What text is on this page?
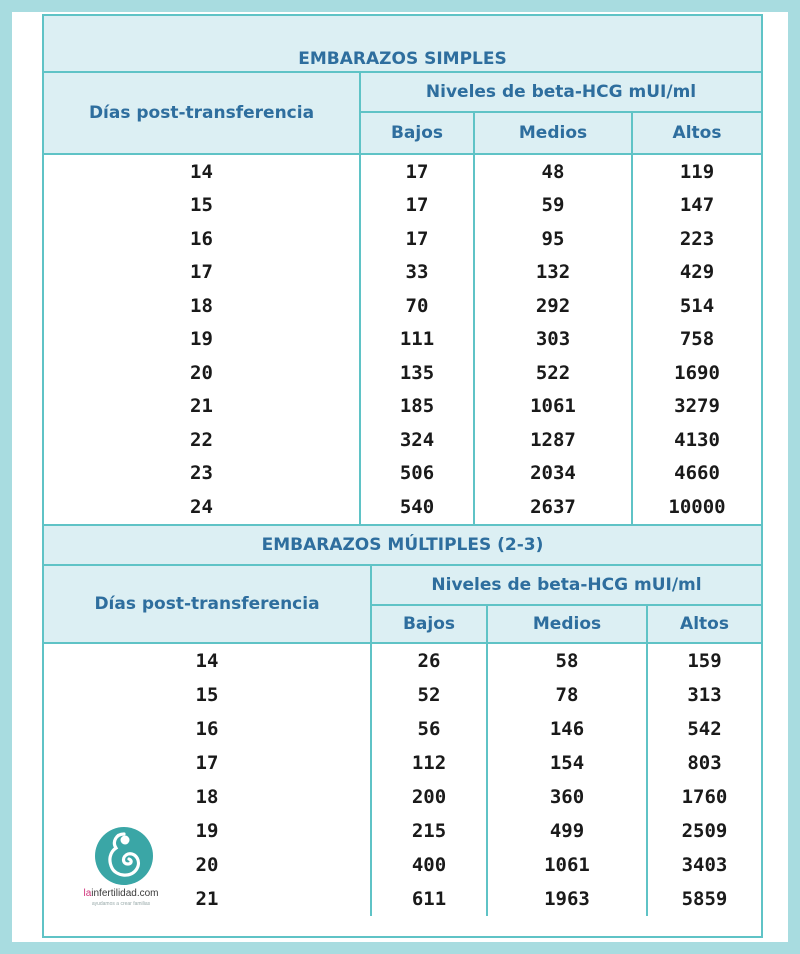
EMBARAZOS SIMPLES			
Días post-transferencia	Niveles de beta-HCG mUI/ml		
	Bajos	Medios	Altos
14	17	48	119
15	17	59	147
16	17	95	223
17	33	132	429
18	70	292	514
19	111	303	758
20	135	522	1690
21	185	1061	3279
22	324	1287	4130
23	506	2034	4660
24	540	2637	10000
EMBARAZOS MÚLTIPLES (2-3)			
Días post-transferencia	Niveles de beta-HCG mUI/ml		
	Bajos	Medios	Altos
14	26	58	159
15	52	78	313
16	56	146	542
17	112	154	803
18	200	360	1760
19	215	499	2509
20	400	1061	3403
21	611	1963	5859
lainfertilidad.com
ayudamos a crear familias
